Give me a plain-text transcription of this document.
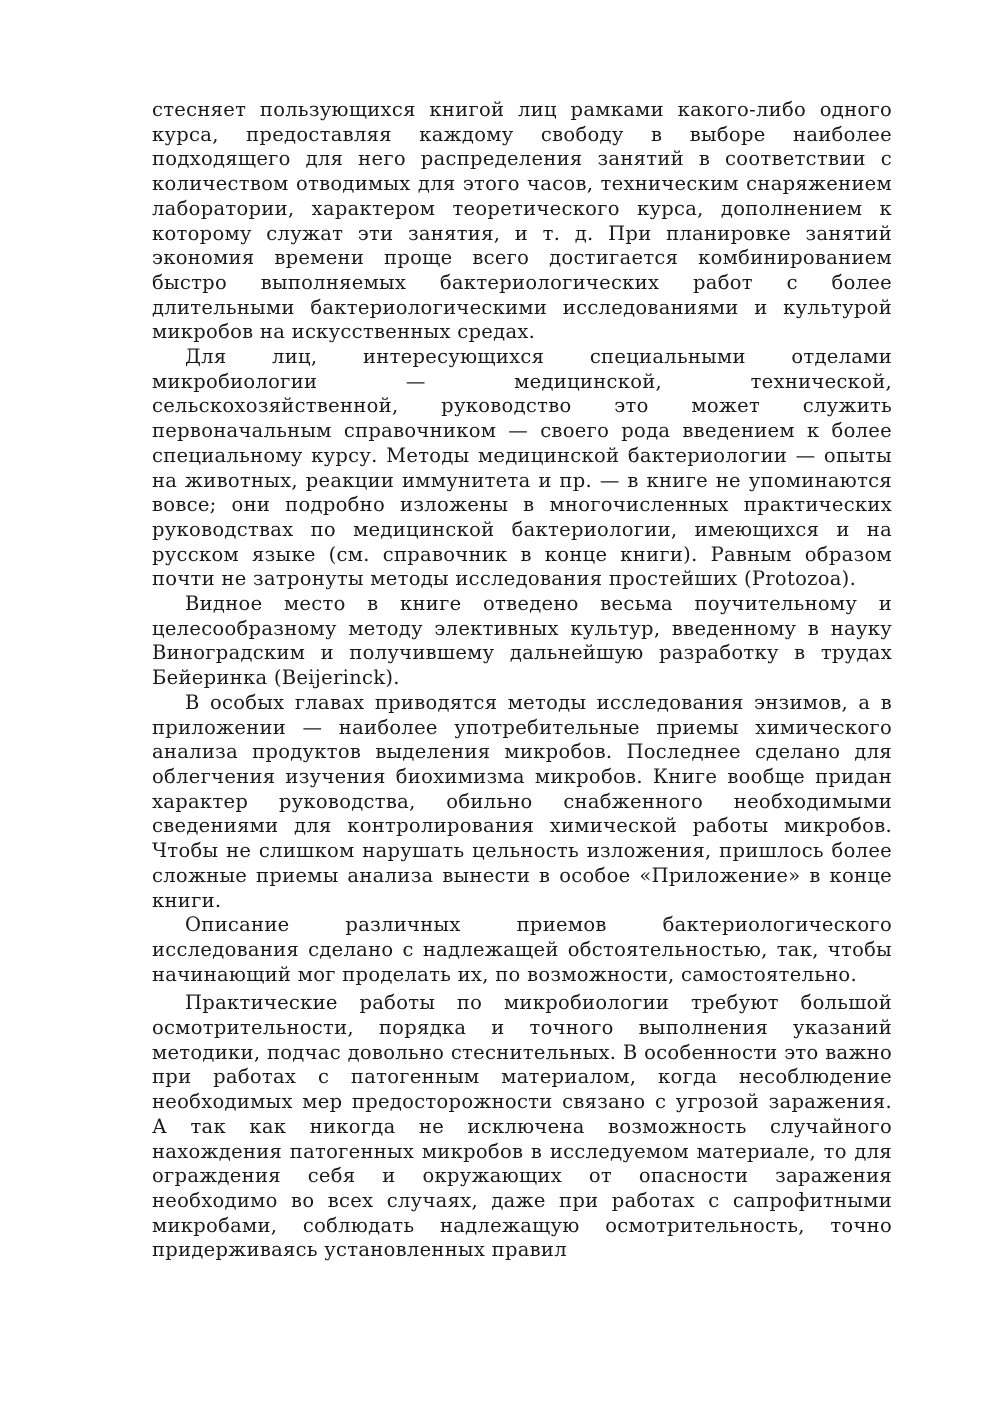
стесняет пользующихся книгой лиц рамками какого-либо одного курса, предоставляя каждому свободу в выборе наиболее подходящего для него распределения занятий в соответствии с количеством отводимых для этого часов, техническим снаряжением лаборатории, характером теоретического курса, дополнением к которому служат эти занятия, и т. д. При планировке занятий экономия времени проще всего достигается комбинированием быстро выполняемых бактериологических работ с более длительными бактериологическими исследованиями и культурой микробов на искусственных средах.

Для лиц, интересующихся специальными отделами микробиологии — медицинской, технической, сельскохозяйственной, руководство это может служить первоначальным справочником — своего рода введением к более специальному курсу. Методы медицинской бактериологии — опыты на животных, реакции иммунитета и пр. — в книге не упоминаются вовсе; они подробно изложены в многочисленных практических руководствах по медицинской бактериологии, имеющихся и на русском языке (см. справочник в конце книги). Равным образом почти не затронуты методы исследования простейших (Protozoa).

Видное место в книге отведено весьма поучительному и целесообразному методу элективных культур, введенному в науку Виноградским и получившему дальнейшую разработку в трудах Бейеринка (Beijerinck).

В особых главах приводятся методы исследования энзимов, а в приложении — наиболее употребительные приемы химического анализа продуктов выделения микробов. Последнее сделано для облегчения изучения биохимизма микробов. Книге вообще придан характер руководства, обильно снабженного необходимыми сведениями для контролирования химической работы микробов. Чтобы не слишком нарушать цельность изложения, пришлось более сложные приемы анализа вынести в особое «Приложение» в конце книги.

Описание различных приемов бактериологического исследования сделано с надлежащей обстоятельностью, так, чтобы начинающий мог проделать их, по возможности, самостоятельно.

Практические работы по микробиологии требуют большой осмотрительности, порядка и точного выполнения указаний методики, подчас довольно стеснительных. В особенности это важно при работах с патогенным материалом, когда несоблюдение необходимых мер предосторожности связано с угрозой заражения. А так как никогда не исключена возможность случайного нахождения патогенных микробов в исследуемом материале, то для ограждения себя и окружающих от опасности заражения необходимо во всех случаях, даже при работах с сапрофитными микробами, соблюдать надлежащую осмотрительность, точно придерживаясь установленных правил
